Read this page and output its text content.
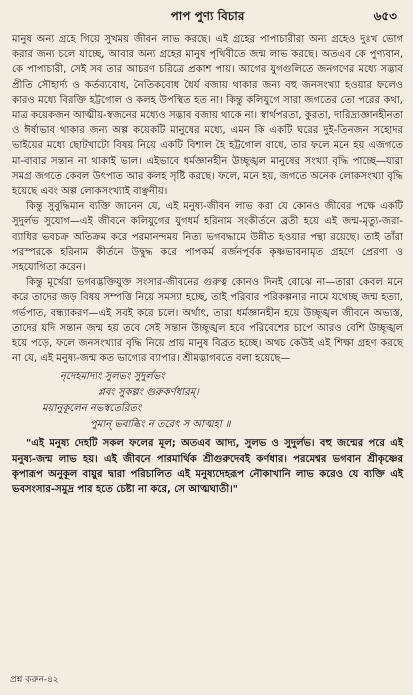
পাপ পুণ্য বিচার	৬৫৩

মানুষ অন্য গ্রহে গিয়ে সুখময় জীবন লাভ করছে। এই গ্রহের পাপাচারীরা অন্য গ্রহেও দুঃখ ভোগ করার জন্য চলে যাচ্ছে, আবার অন্য গ্রহের মানুষ পৃথিবীতে জন্ম লাভ করছে। অতএব কে পুণ্যবান, কে পাপাচারী, সেই সব তার আচরণ চরিত্রে প্রকাশ পায়। আগের যুগগুলিতে জনগণের মধ্যে সদ্ভাব প্রীতি সৌহার্দ্য ও কর্তব্যবোধ, নৈতিকবোধ ধৈর্য বজায় থাকার জন্য বহু জনসংখ্যা হওয়ার ফলেও কারও মধ্যে বিরক্তি হট্টগোল ও কলহ উপস্থিত হত না। কিন্তু কলিযুগে সারা জগতের তো পরের কথা, মাত্র কয়েকজন আত্মীয়-স্বজনের মধ্যেও সদ্ভাব বজায় থাকে না। স্বার্থপরতা, কুরতা, দারিদ্র্যজ্ঞানহীনতা ও ঈর্ষাভাব থাকার জন্য অল্প কয়েকটি মানুষের মধ্যে, এমন কি একটি ঘরের দুই-তিনজন সহোদর ভাইয়ের মধ্যে ছোটখাটো বিষয় নিয়ে একটি বিশাল হৈ হট্টগোল বাধে, তার ফলে মনে হয় এজগতে মা-বাবার সন্তান না থাকাই ভাল। এইভাবে ধর্মজ্ঞানহীন উচ্ছৃঙ্খল মানুষের সংখ্যা বৃদ্ধি পাচ্ছে—যারা সমগ্র জগতে কেবল উৎপাত আর কলহ সৃষ্টি করছে। ফলে, মনে হয়, জগতে অনেক লোকসংখ্যা বৃদ্ধি হয়েছে এবং অল্প লোকসংখ্যাই বাঞ্ছনীয়।

কিন্তু সুবুদ্ধিমান ব্যক্তি জানেন যে, এই মনুষ্য-জীবন লাভ করা যে কোনও জীবের পক্ষে একটি সুদুর্লভ সুযোগ—এই জীবনে কলিযুগের যুগধর্ম হরিনাম সংকীর্তনে ব্রতী হয়ে এই জন্ম-মৃত্যু-জরা-ব্যাধির ভবচক্র অতিক্রম করে পরমানন্দময় নিত্য ভগবদ্ধামে উন্নীত হওয়ার পন্থা রয়েছে। তাই তাঁরা পরস্পরকে হরিনাম কীর্তনে উদ্বুদ্ধ করে পাপকর্ম বর্জনপূর্বক কৃষ্ণভাবনামৃত গ্রহণে প্রেরণা ও সহযোগিতা করেন।

কিন্তু মূর্খেরা ভগবদ্ভক্তিযুক্ত সংসার-জীবনের গুরুত্ব কোনও দিনই বোঝে না—তারা কেবল মনে করে তাদের জড় বিষয় সম্পত্তি নিয়ে সমস্যা হচ্ছে, তাই পরিবার পরিকল্পনার নামে যথেচ্ছ জন্ম হত্যা, গর্ভপাত, বন্ধ্যাকরণ—এই সবই করে চলে। অর্থাৎ, তারা ধর্মজ্ঞানহীন হয়ে উচ্ছৃঙ্খল জীবনে অভ্যস্ত, তাদের যদি সন্তান জন্ম হয় তবে সেই সন্তান উচ্ছৃঙ্খল হবে পরিবেশের চাপে আরও বেশি উচ্ছৃঙ্খল হয়ে পড়ে, ফলে জনসংখ্যার বৃদ্ধি নিয়ে প্রায় মানুষ বিব্রত হচ্ছে। অথচ কেউই এই শিক্ষা গ্রহণ করছে না যে, এই মনুষ্য-জন্ম কত ভাগ্যের ব্যাপার। শ্রীমদ্ভাগবতে বলা হয়েছে—

নৃদেহমাদ্যং সুলভং সুদুর্লভং
প্লবং সুকল্পং গুরুকর্ণধারম্।
ময়ানুকূলেন নভস্বতেরিতং
পুমান্ ভবাব্ধিং ন তরেৎ স আত্মহা ॥

"এই মনুষ্য দেহটি সকল ফলের মূল; অতএব আদ্য, সুলভ ও সুদুর্লভ। বহু জন্মের পরে এই মনুষ্য-জন্ম লাভ হয়। এই জীবনে পারমার্থিক শ্রীগুরুদেবই কর্ণধার। পরমেশ্বর ভগবান শ্রীকৃষ্ণের কৃপারূপ অনুকূল বায়ুর দ্বারা পরিচালিত এই মনুষ্যদেহরূপ নৌকাখানি লাভ করেও যে ব্যক্তি এই ভবসংসার-সমুদ্র পার হতে চেষ্টা না করে, সে আত্মঘাতী।"

প্রশ্ন করুন-৪২
